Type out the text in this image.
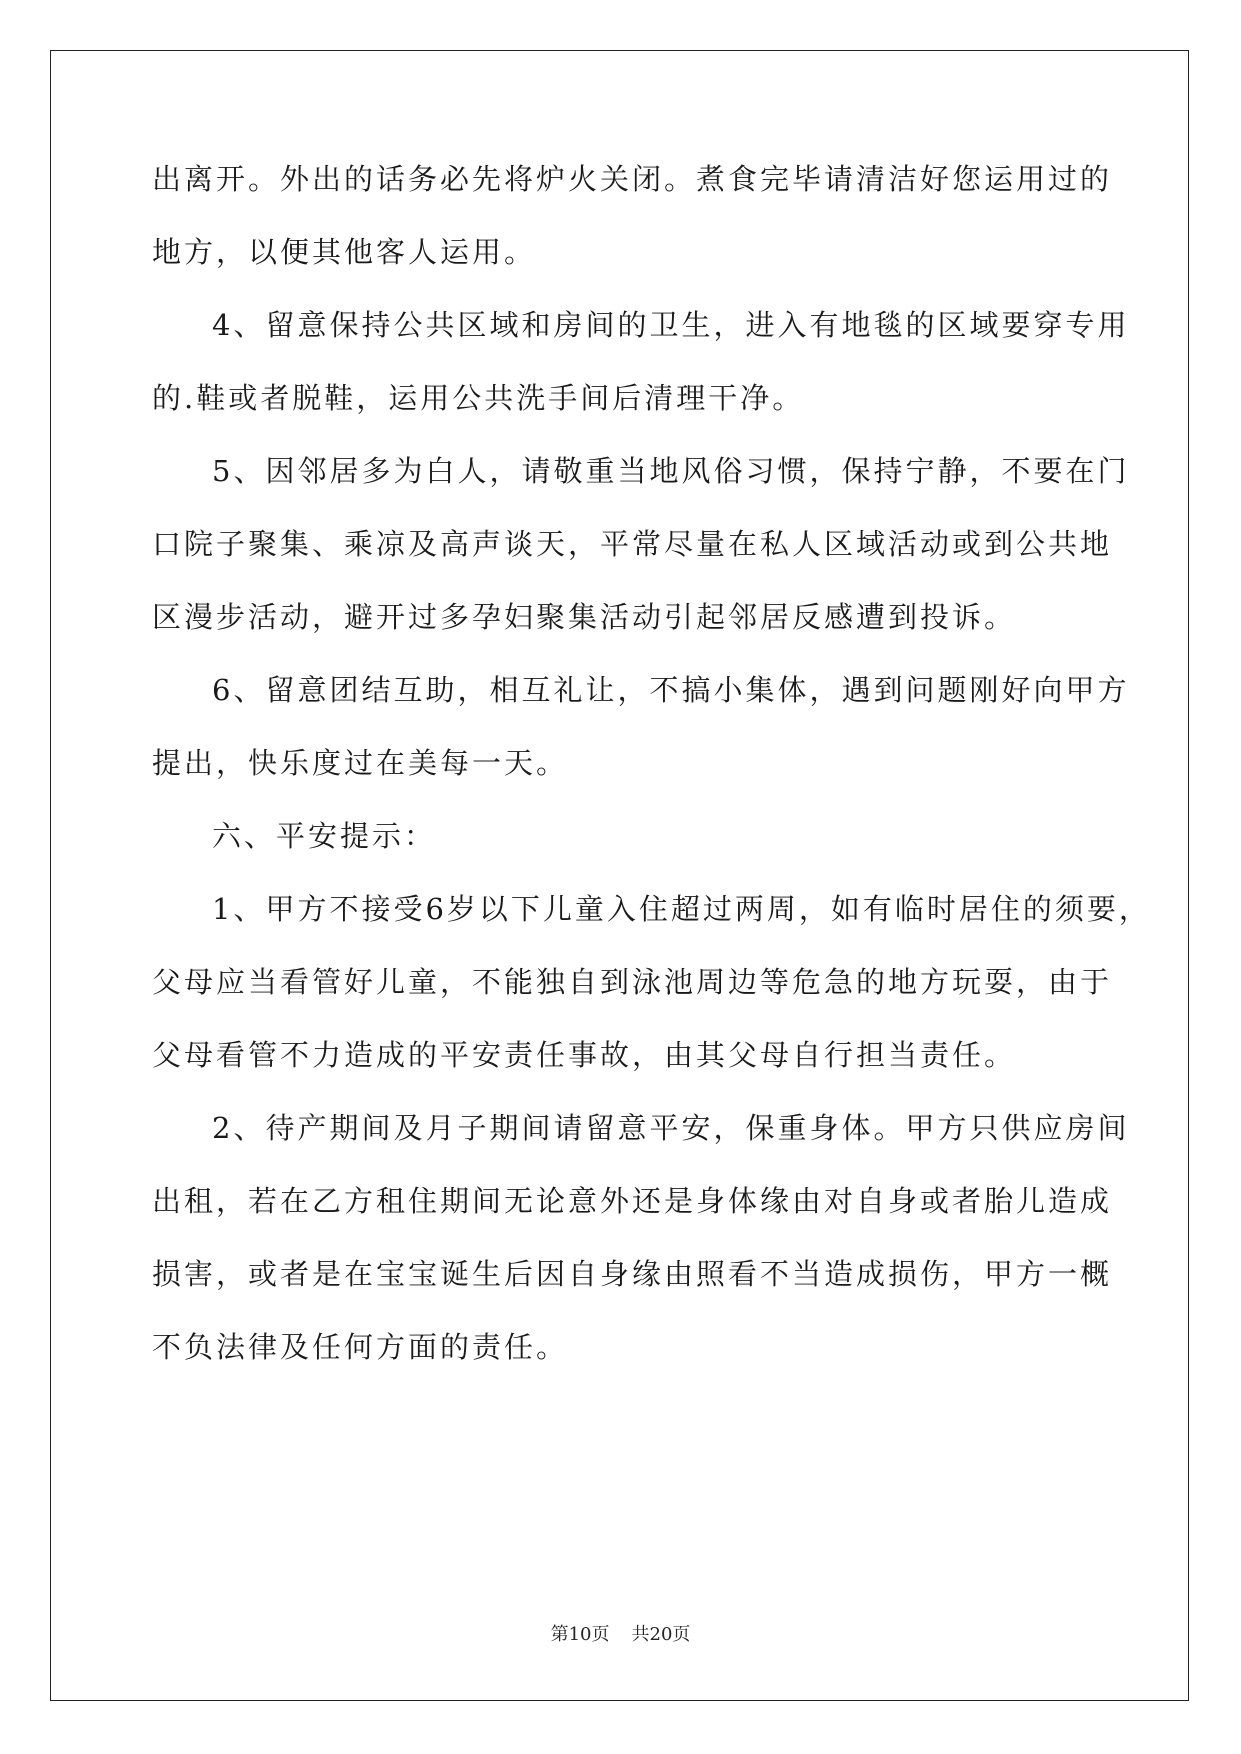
出离开。外出的话务必先将炉火关闭。煮食完毕请清洁好您运用过的
地方，以便其他客人运用。
4、留意保持公共区域和房间的卫生，进入有地毯的区域要穿专用
的.鞋或者脱鞋，运用公共洗手间后清理干净。
5、因邻居多为白人，请敬重当地风俗习惯，保持宁静，不要在门
口院子聚集、乘凉及高声谈天，平常尽量在私人区域活动或到公共地
区漫步活动，避开过多孕妇聚集活动引起邻居反感遭到投诉。
6、留意团结互助，相互礼让，不搞小集体，遇到问题刚好向甲方
提出，快乐度过在美每一天。
六、平安提示：
1、甲方不接受6岁以下儿童入住超过两周，如有临时居住的须要，
父母应当看管好儿童，不能独自到泳池周边等危急的地方玩耍，由于
父母看管不力造成的平安责任事故，由其父母自行担当责任。
2、待产期间及月子期间请留意平安，保重身体。甲方只供应房间
出租，若在乙方租住期间无论意外还是身体缘由对自身或者胎儿造成
损害，或者是在宝宝诞生后因自身缘由照看不当造成损伤，甲方一概
不负法律及任何方面的责任。
第10页 共20页
